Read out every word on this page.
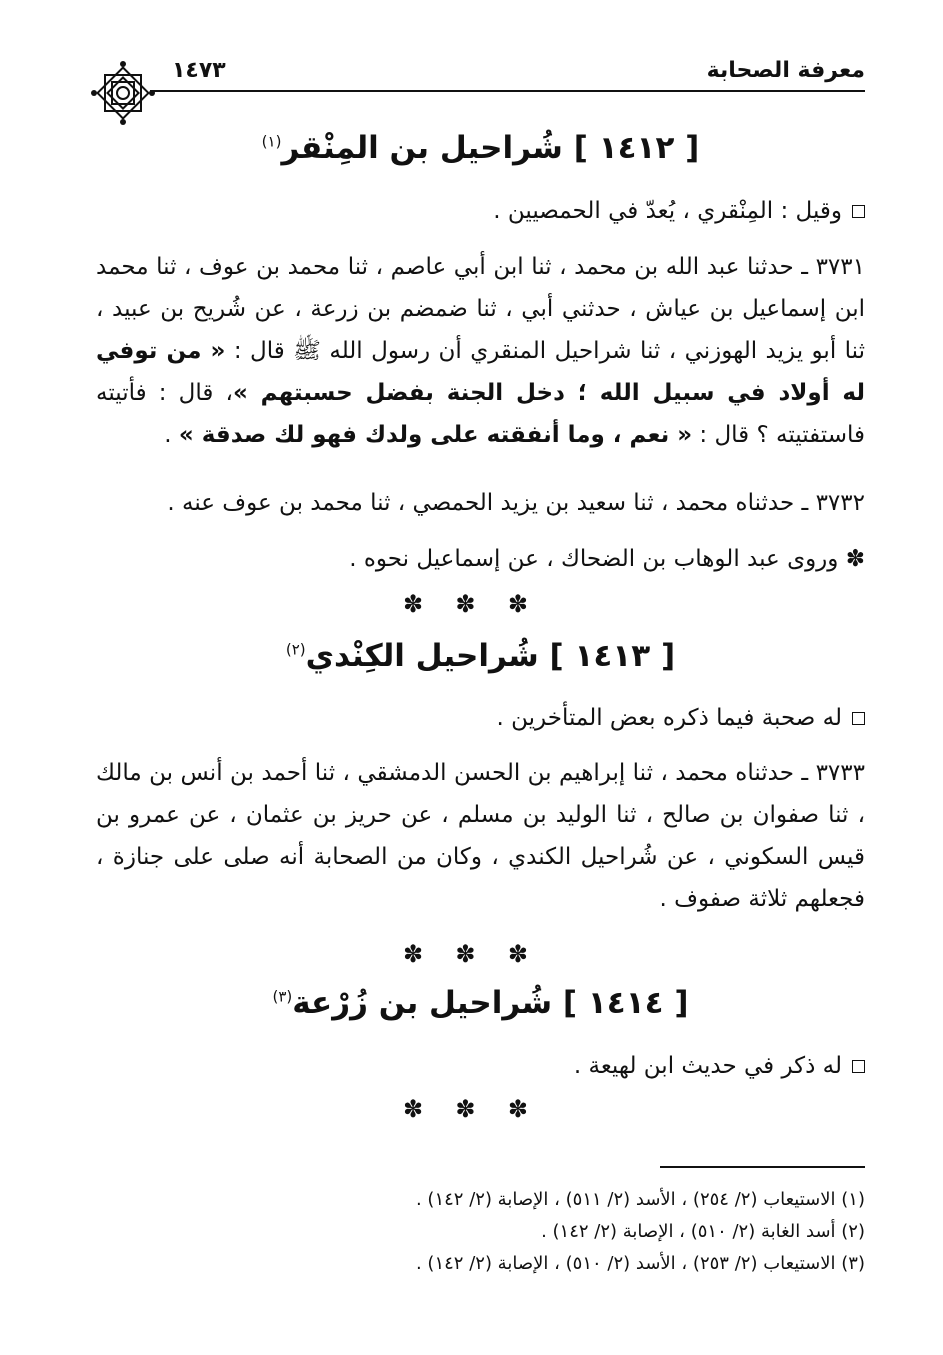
معرفة الصحابة
١٤٧٣
[ ١٤١٢ ] شُراحيل بن المِنْقر$^{(١)}$
وقيل : المِنْقري ، يُعدّ في الحمصيين .
٣٧٣١ ـ حدثنا عبد الله بن محمد ، ثنا ابن أبي عاصم ، ثنا محمد بن عوف ، ثنا محمد ابن إسماعيل بن عياش ، حدثني أبي ، ثنا ضمضم بن زرعة ، عن شُريح بن عبيد ، ثنا أبو يزيد الهوزني ، ثنا شراحيل المنقري أن رسول الله ﷺ قال : « من توفي له أولاد في سبيل الله ؛ دخل الجنة بفضل حسبتهم »، قال : فأتيته فاستفتيته ؟ قال : « نعم ، وما أنفقته على ولدك فهو لك صدقة » .
٣٧٣٢ ـ حدثناه محمد ، ثنا سعيد بن يزيد الحمصي ، ثنا محمد بن عوف عنه .
✽ وروى عبد الوهاب بن الضحاك ، عن إسماعيل نحوه .
✽ ✽ ✽
[ ١٤١٣ ] شُراحيل الكِنْدي$^{(٢)}$
له صحبة فيما ذكره بعض المتأخرين .
٣٧٣٣ ـ حدثناه محمد ، ثنا إبراهيم بن الحسن الدمشقي ، ثنا أحمد بن أنس بن مالك ، ثنا صفوان بن صالح ، ثنا الوليد بن مسلم ، عن حريز بن عثمان ، عن عمرو بن قيس السكوني ، عن شُراحيل الكندي ، وكان من الصحابة أنه صلى على جنازة ، فجعلهم ثلاثة صفوف .
✽ ✽ ✽
[ ١٤١٤ ] شُراحيل بن زُرْعة$^{(٣)}$
له ذكر في حديث ابن لهيعة .
✽ ✽ ✽
(١) الاستيعاب (٢/ ٢٥٤) ، الأسد (٢/ ٥١١) ، الإصابة (٢/ ١٤٢) .
(٢) أسد الغابة (٢/ ٥١٠) ، الإصابة (٢/ ١٤٢) .
(٣) الاستيعاب (٢/ ٢٥٣) ، الأسد (٢/ ٥١٠) ، الإصابة (٢/ ١٤٢) .
